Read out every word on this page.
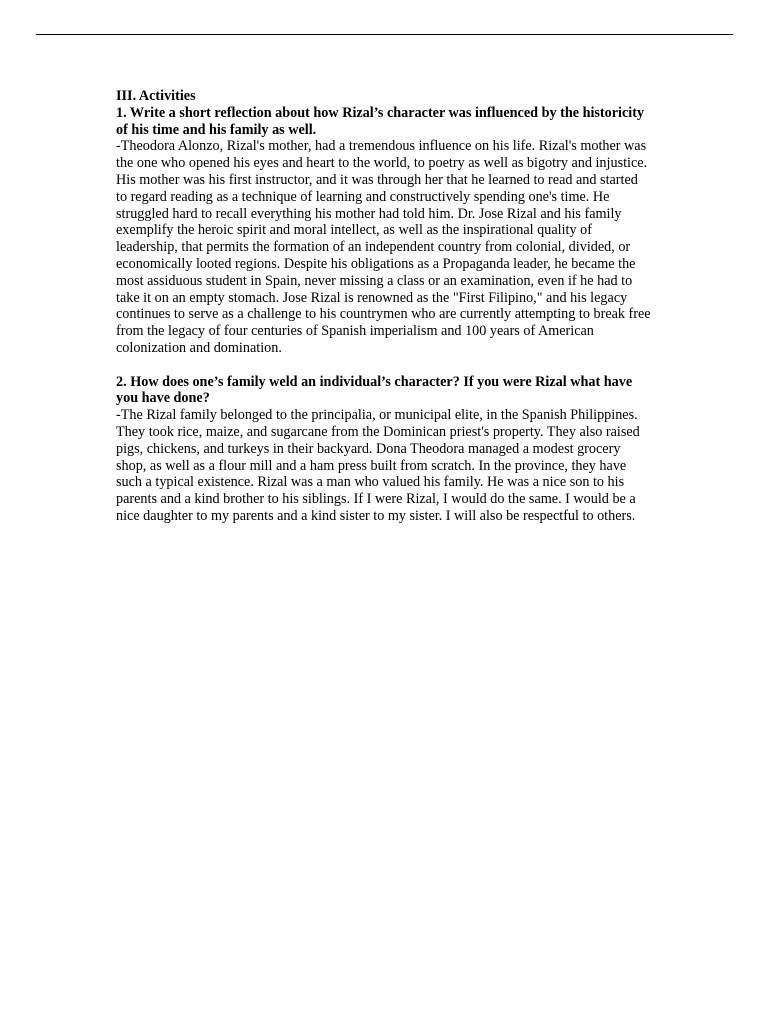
III. Activities

1. Write a short reflection about how Rizal’s character was influenced by the historicity of his time and his family as well.

-Theodora Alonzo, Rizal's mother, had a tremendous influence on his life. Rizal's mother was the one who opened his eyes and heart to the world, to poetry as well as bigotry and injustice. His mother was his first instructor, and it was through her that he learned to read and started to regard reading as a technique of learning and constructively spending one's time. He struggled hard to recall everything his mother had told him. Dr. Jose Rizal and his family exemplify the heroic spirit and moral intellect, as well as the inspirational quality of leadership, that permits the formation of an independent country from colonial, divided, or economically looted regions. Despite his obligations as a Propaganda leader, he became the most assiduous student in Spain, never missing a class or an examination, even if he had to take it on an empty stomach. Jose Rizal is renowned as the "First Filipino," and his legacy continues to serve as a challenge to his countrymen who are currently attempting to break free from the legacy of four centuries of Spanish imperialism and 100 years of American colonization and domination.

2. How does one’s family weld an individual’s character? If you were Rizal what have you have done?

-The Rizal family belonged to the principalia, or municipal elite, in the Spanish Philippines. They took rice, maize, and sugarcane from the Dominican priest's property. They also raised pigs, chickens, and turkeys in their backyard. Dona Theodora managed a modest grocery shop, as well as a flour mill and a ham press built from scratch. In the province, they have such a typical existence. Rizal was a man who valued his family. He was a nice son to his parents and a kind brother to his siblings. If I were Rizal, I would do the same. I would be a nice daughter to my parents and a kind sister to my sister. I will also be respectful to others.
